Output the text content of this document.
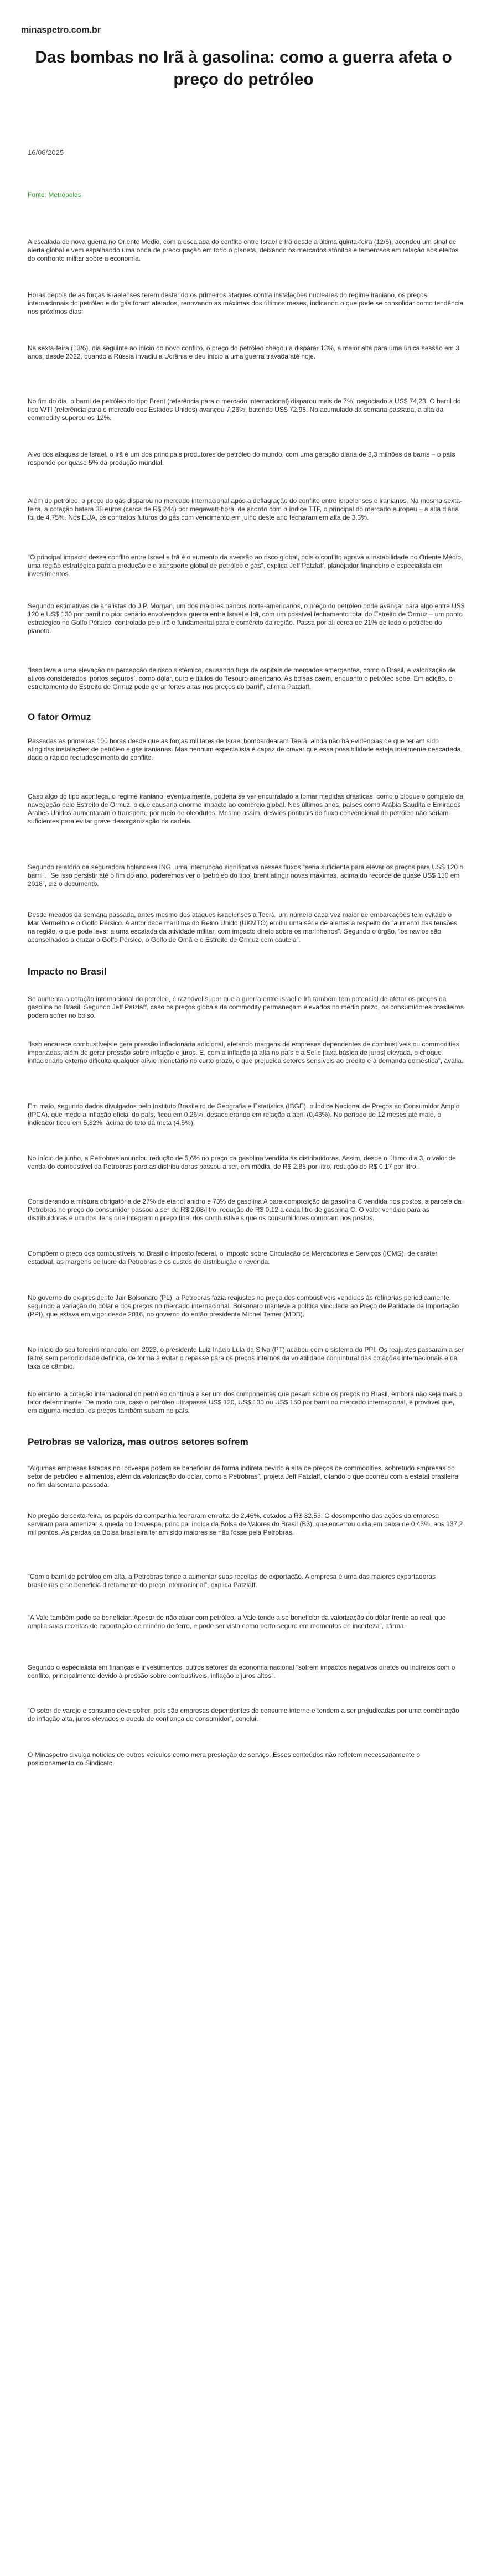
minaspetro.com.br
Das bombas no Irã à gasolina: como a guerra afeta o preço do petróleo
16/06/2025
Fonte: Metrópoles

A escalada de nova guerra no Oriente Médio, com a escalada do conflito entre Israel e Irã desde a última quinta-feira (12/6), acendeu um sinal de alerta global e vem espalhando uma onda de preocupação em todo o planeta, deixando os mercados atônitos e temerosos em relação aos efeitos do confronto militar sobre a economia.

Horas depois de as forças israelenses terem desferido os primeiros ataques contra instalações nucleares do regime iraniano, os preços internacionais do petróleo e do gás foram afetados, renovando as máximas dos últimos meses, indicando o que pode se consolidar como tendência nos próximos dias.

Na sexta-feira (13/6), dia seguinte ao início do novo conflito, o preço do petróleo chegou a disparar 13%, a maior alta para uma única sessão em 3 anos, desde 2022, quando a Rússia invadiu a Ucrânia e deu início a uma guerra travada até hoje.

No fim do dia, o barril de petróleo do tipo Brent (referência para o mercado internacional) disparou mais de 7%, negociado a US$ 74,23. O barril do tipo WTI (referência para o mercado dos Estados Unidos) avançou 7,26%, batendo US$ 72,98. No acumulado da semana passada, a alta da commodity superou os 12%.

Alvo dos ataques de Israel, o Irã é um dos principais produtores de petróleo do mundo, com uma geração diária de 3,3 milhões de barris – o país responde por quase 5% da produção mundial.

Além do petróleo, o preço do gás disparou no mercado internacional após a deflagração do conflito entre israelenses e iranianos. Na mesma sexta-feira, a cotação batera 38 euros (cerca de R$ 244) por megawatt-hora, de acordo com o índice TTF, o principal do mercado europeu – a alta diária foi de 4,75%. Nos EUA, os contratos futuros do gás com vencimento em julho deste ano fecharam em alta de 3,3%.

“O principal impacto desse conflito entre Israel e Irã é o aumento da aversão ao risco global, pois o conflito agrava a instabilidade no Oriente Médio, uma região estratégica para a produção e o transporte global de petróleo e gás”, explica Jeff Patzlaff, planejador financeiro e especialista em investimentos.

Segundo estimativas de analistas do J.P. Morgan, um dos maiores bancos norte-americanos, o preço do petróleo pode avançar para algo entre US$ 120 e US$ 130 por barril no pior cenário envolvendo a guerra entre Israel e Irã, com um possível fechamento total do Estreito de Ormuz – um ponto estratégico no Golfo Pérsico, controlado pelo Irã e fundamental para o comércio da região. Passa por ali cerca de 21% de todo o petróleo do planeta.

“Isso leva a uma elevação na percepção de risco sistêmico, causando fuga de capitais de mercados emergentes, como o Brasil, e valorização de ativos considerados ‘portos seguros’, como dólar, ouro e títulos do Tesouro americano. As bolsas caem, enquanto o petróleo sobe. Em adição, o estreitamento do Estreito de Ormuz pode gerar fortes altas nos preços do barril”, afirma Patzlaff.

O fator Ormuz

Passadas as primeiras 100 horas desde que as forças militares de Israel bombardearam Teerã, ainda não há evidências de que teriam sido atingidas instalações de petróleo e gás iranianas. Mas nenhum especialista é capaz de cravar que essa possibilidade esteja totalmente descartada, dado o rápido recrudescimento do conflito.

Caso algo do tipo aconteça, o regime iraniano, eventualmente, poderia se ver encurralado a tomar medidas drásticas, como o bloqueio completo da navegação pelo Estreito de Ormuz, o que causaria enorme impacto ao comércio global. Nos últimos anos, países como Arábia Saudita e Emirados Árabes Unidos aumentaram o transporte por meio de oleodutos. Mesmo assim, desvios pontuais do fluxo convencional do petróleo não seriam suficientes para evitar grave desorganização da cadeia.

Segundo relatório da seguradora holandesa ING, uma interrupção significativa nesses fluxos “seria suficiente para elevar os preços para US$ 120 o barril”. “Se isso persistir até o fim do ano, poderemos ver o [petróleo do tipo] brent atingir novas máximas, acima do recorde de quase US$ 150 em 2018”, diz o documento.

Desde meados da semana passada, antes mesmo dos ataques israelenses a Teerã, um número cada vez maior de embarcações tem evitado o Mar Vermelho e o Golfo Pérsico. A autoridade marítima do Reino Unido (UKMTO) emitiu uma série de alertas a respeito do “aumento das tensões na região, o que pode levar a uma escalada da atividade militar, com impacto direto sobre os marinheiros”. Segundo o órgão, “os navios são aconselhados a cruzar o Golfo Pérsico, o Golfo de Omã e o Estreito de Ormuz com cautela”.

Impacto no Brasil

Se aumenta a cotação internacional do petróleo, é razoável supor que a guerra entre Israel e Irã também tem potencial de afetar os preços da gasolina no Brasil. Segundo Jeff Patzlaff, caso os preços globais da commodity permaneçam elevados no médio prazo, os consumidores brasileiros podem sofrer no bolso.

“Isso encarece combustíveis e gera pressão inflacionária adicional, afetando margens de empresas dependentes de combustíveis ou commodities importadas, além de gerar pressão sobre inflação e juros. E, com a inflação já alta no país e a Selic [taxa básica de juros] elevada, o choque inflacionário externo dificulta qualquer alívio monetário no curto prazo, o que prejudica setores sensíveis ao crédito e à demanda doméstica”, avalia.

Em maio, segundo dados divulgados pelo Instituto Brasileiro de Geografia e Estatística (IBGE), o Índice Nacional de Preços ao Consumidor Amplo (IPCA), que mede a inflação oficial do país, ficou em 0,26%, desacelerando em relação a abril (0,43%). No período de 12 meses até maio, o indicador ficou em 5,32%, acima do teto da meta (4,5%).

No início de junho, a Petrobras anunciou redução de 5,6% no preço da gasolina vendida às distribuidoras. Assim, desde o último dia 3, o valor de venda do combustível da Petrobras para as distribuidoras passou a ser, em média, de R$ 2,85 por litro, redução de R$ 0,17 por litro.

Considerando a mistura obrigatória de 27% de etanol anidro e 73% de gasolina A para composição da gasolina C vendida nos postos, a parcela da Petrobras no preço do consumidor passou a ser de R$ 2,08/litro, redução de R$ 0,12 a cada litro de gasolina C. O valor vendido para as distribuidoras é um dos itens que integram o preço final dos combustíveis que os consumidores compram nos postos.

Compõem o preço dos combustíveis no Brasil o imposto federal, o Imposto sobre Circulação de Mercadorias e Serviços (ICMS), de caráter estadual, as margens de lucro da Petrobras e os custos de distribuição e revenda.

No governo do ex-presidente Jair Bolsonaro (PL), a Petrobras fazia reajustes no preço dos combustíveis vendidos às refinarias periodicamente, seguindo a variação do dólar e dos preços no mercado internacional. Bolsonaro manteve a política vinculada ao Preço de Paridade de Importação (PPI), que estava em vigor desde 2016, no governo do então presidente Michel Temer (MDB).

No início do seu terceiro mandato, em 2023, o presidente Luiz Inácio Lula da Silva (PT) acabou com o sistema do PPI. Os reajustes passaram a ser feitos sem periodicidade definida, de forma a evitar o repasse para os preços internos da volatilidade conjuntural das cotações internacionais e da taxa de câmbio.

No entanto, a cotação internacional do petróleo continua a ser um dos componentes que pesam sobre os preços no Brasil, embora não seja mais o fator determinante. De modo que, caso o petróleo ultrapasse US$ 120, US$ 130 ou US$ 150 por barril no mercado internacional, é provável que, em alguma medida, os preços também subam no país.

Petrobras se valoriza, mas outros setores sofrem

“Algumas empresas listadas no Ibovespa podem se beneficiar de forma indireta devido à alta de preços de commodities, sobretudo empresas do setor de petróleo e alimentos, além da valorização do dólar, como a Petrobras”, projeta Jeff Patzlaff, citando o que ocorreu com a estatal brasileira no fim da semana passada.

No pregão de sexta-feira, os papéis da companhia fecharam em alta de 2,46%, cotados a R$ 32,53. O desempenho das ações da empresa serviram para amenizar a queda do Ibovespa, principal índice da Bolsa de Valores do Brasil (B3), que encerrou o dia em baixa de 0,43%, aos 137,2 mil pontos. As perdas da Bolsa brasileira teriam sido maiores se não fosse pela Petrobras.

“Com o barril de petróleo em alta, a Petrobras tende a aumentar suas receitas de exportação. A empresa é uma das maiores exportadoras brasileiras e se beneficia diretamente do preço internacional”, explica Patzlaff.

“A Vale também pode se beneficiar. Apesar de não atuar com petróleo, a Vale tende a se beneficiar da valorização do dólar frente ao real, que amplia suas receitas de exportação de minério de ferro, e pode ser vista como porto seguro em momentos de incerteza”, afirma.

Segundo o especialista em finanças e investimentos, outros setores da economia nacional “sofrem impactos negativos diretos ou indiretos com o conflito, principalmente devido à pressão sobre combustíveis, inflação e juros altos”.

“O setor de varejo e consumo deve sofrer, pois são empresas dependentes do consumo interno e tendem a ser prejudicadas por uma combinação de inflação alta, juros elevados e queda de confiança do consumidor”, conclui.

O Minaspetro divulga notícias de outros veículos como mera prestação de serviço. Esses conteúdos não refletem necessariamente o posicionamento do Sindicato.
